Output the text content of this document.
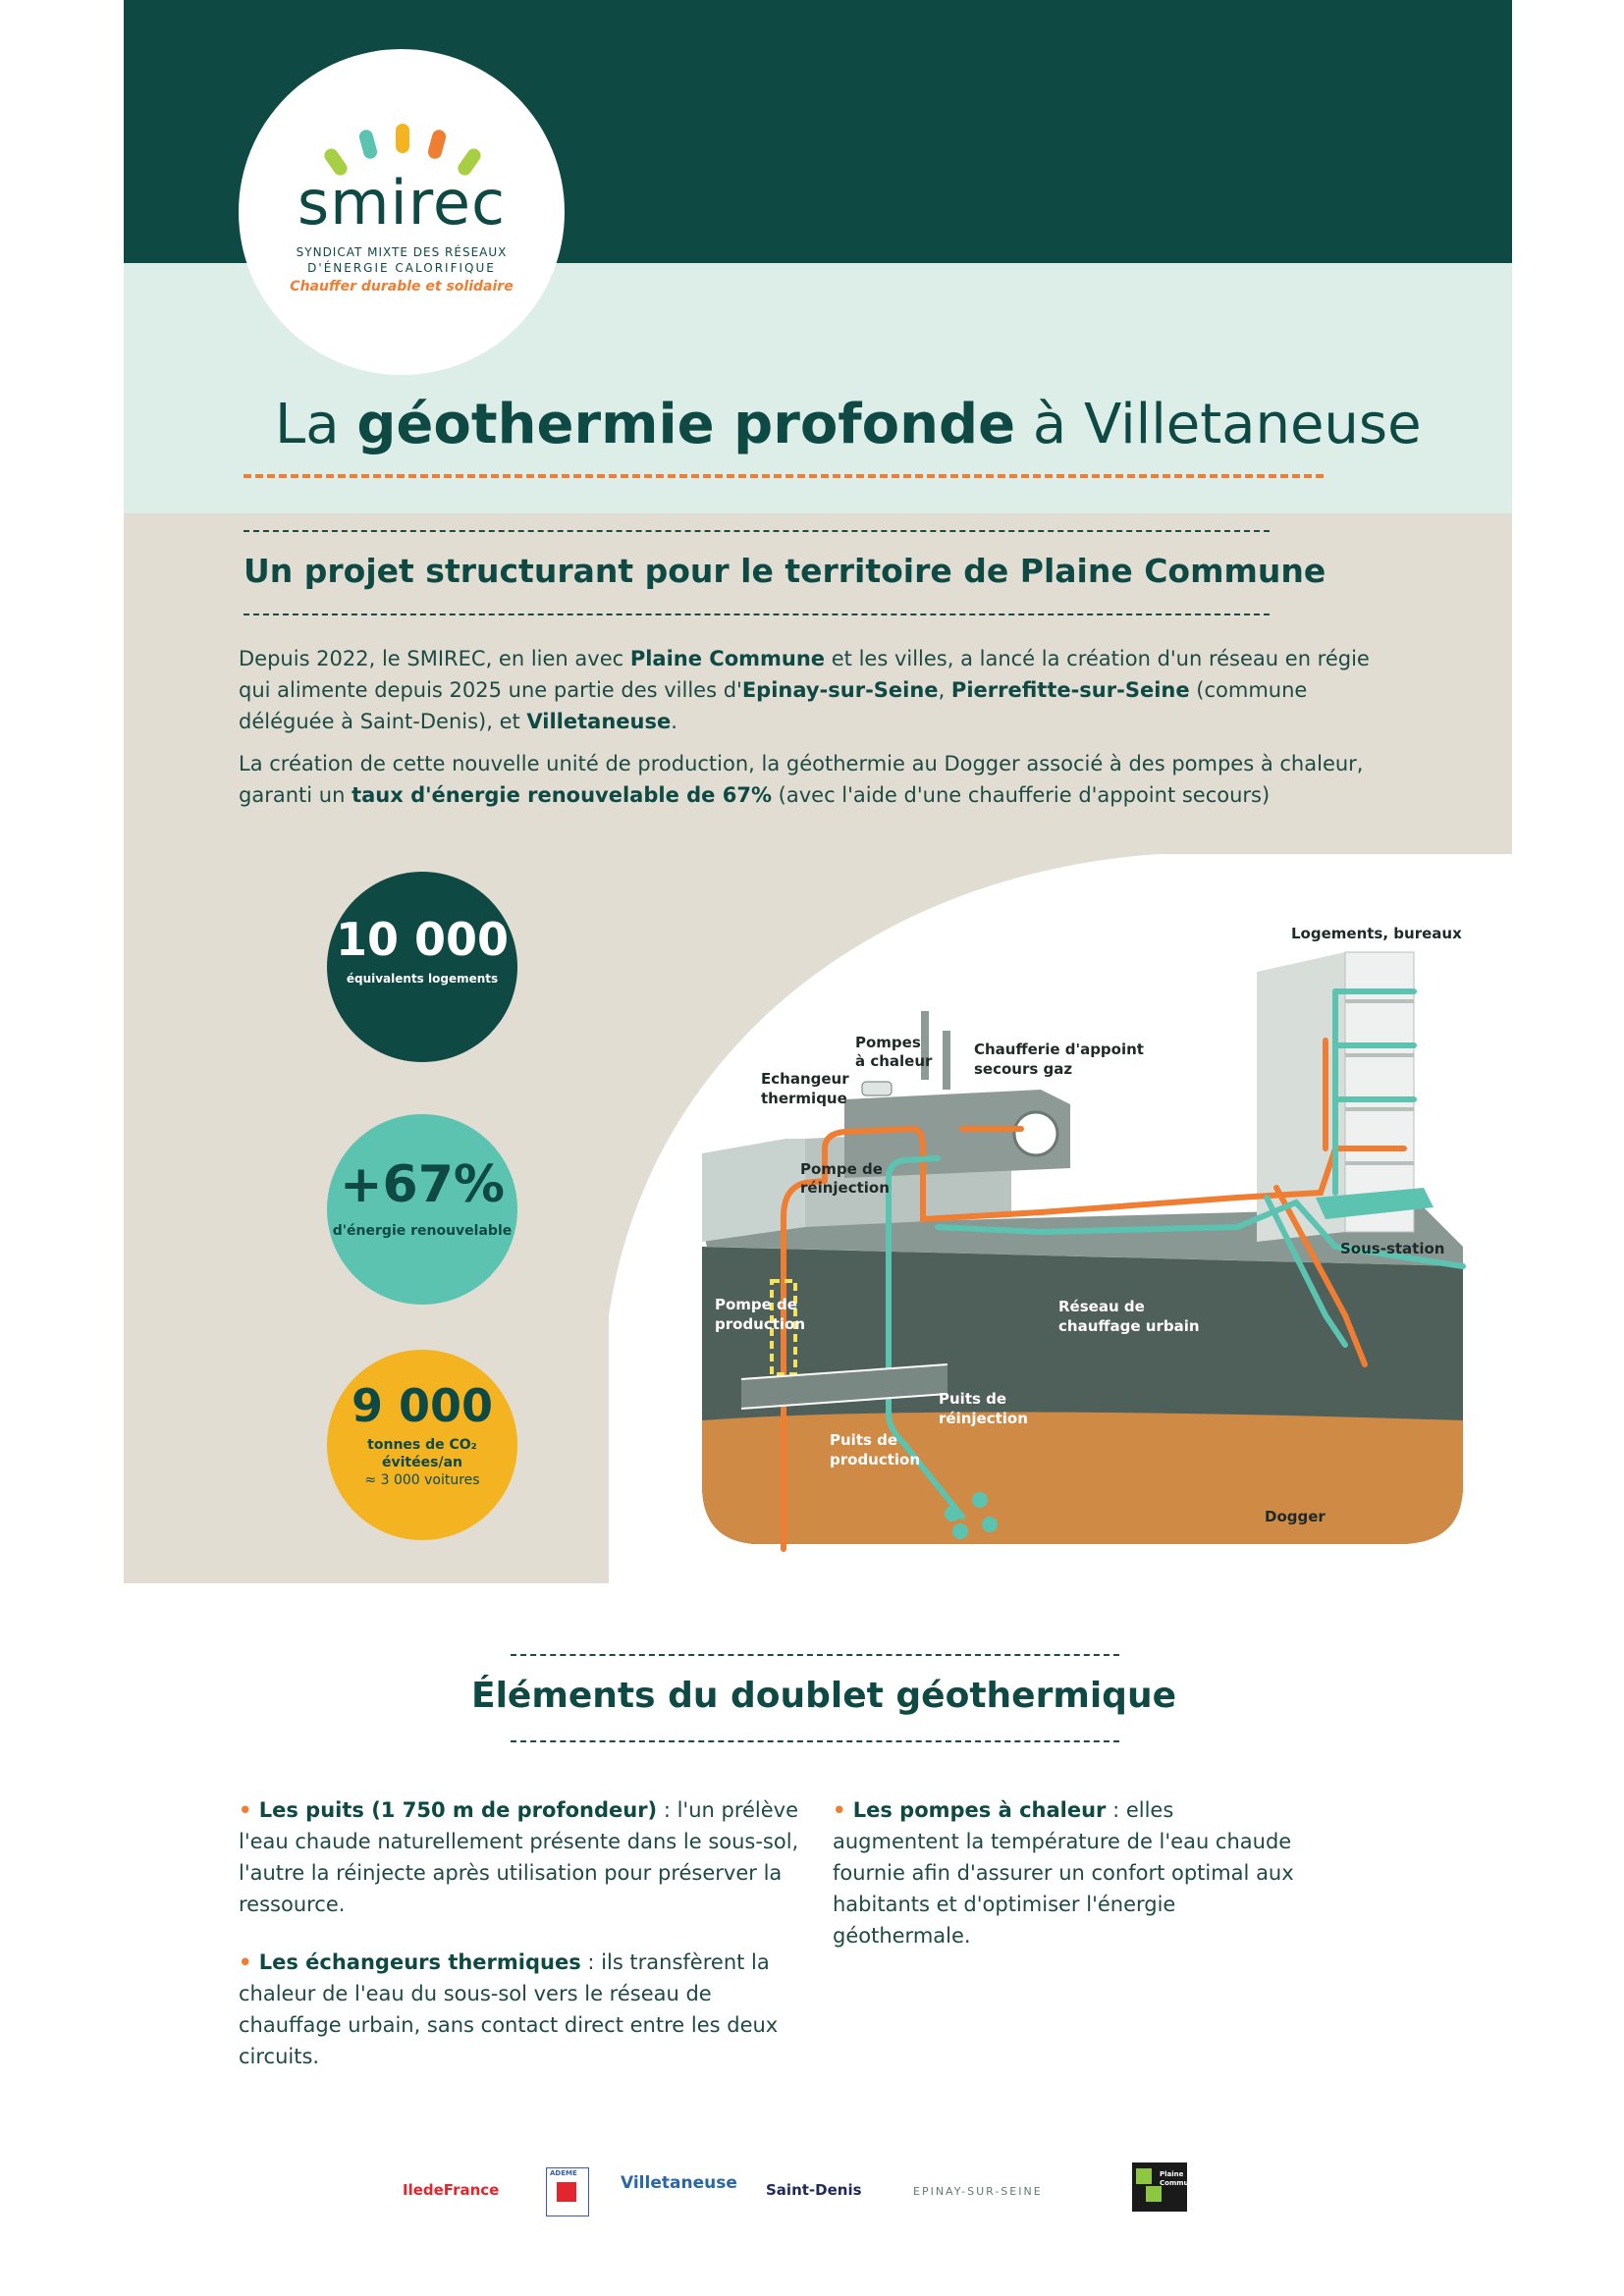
smirec
SYNDICAT MIXTE DES RÉSEAUX
D'ÉNERGIE CALORIFIQUE
Chauffer durable et solidaire
La géothermie profonde à Villetaneuse
Un projet structurant pour le territoire de Plaine Commune
Depuis 2022, le SMIREC, en lien avec Plaine Commune et les villes, a lancé la création d'un réseau en régie qui alimente depuis 2025 une partie des villes d'Epinay-sur-Seine, Pierrefitte-sur-Seine (commune déléguée à Saint-Denis), et Villetaneuse.
La création de cette nouvelle unité de production, la géothermie au Dogger associé à des pompes à chaleur, garanti un taux d'énergie renouvelable de 67% (avec l'aide d'une chaufferie d'appoint secours)
10 000
équivalents logements
+67%
d'énergie renouvelable
9 000
tonnes de CO₂
évitées/an
≈ 3 000 voitures
Logements, bureaux
Pompes
à chaleur
Chaufferie d'appoint
secours gaz
Echangeur
thermique
Pompe de
réinjection
Sous-station
Pompe de
production
Réseau de
chauffage urbain
Puits de
réinjection
Puits de
production
Dogger
Éléments du doublet géothermique
• Les puits (1 750 m de profondeur) : l'un prélève l'eau chaude naturellement présente dans le sous-sol, l'autre la réinjecte après utilisation pour préserver la ressource.
• Les échangeurs thermiques : ils transfèrent la chaleur de l'eau du sous-sol vers le réseau de chauffage urbain, sans contact direct entre les deux circuits.
• Les pompes à chaleur : elles augmentent la température de l'eau chaude fournie afin d'assurer un confort optimal aux habitants et d'optimiser l'énergie géothermale.
IledeFrance
ADEME	Villetaneuse Saint-Denis	EPINAY-SUR-SEINE
Plaine Commune
